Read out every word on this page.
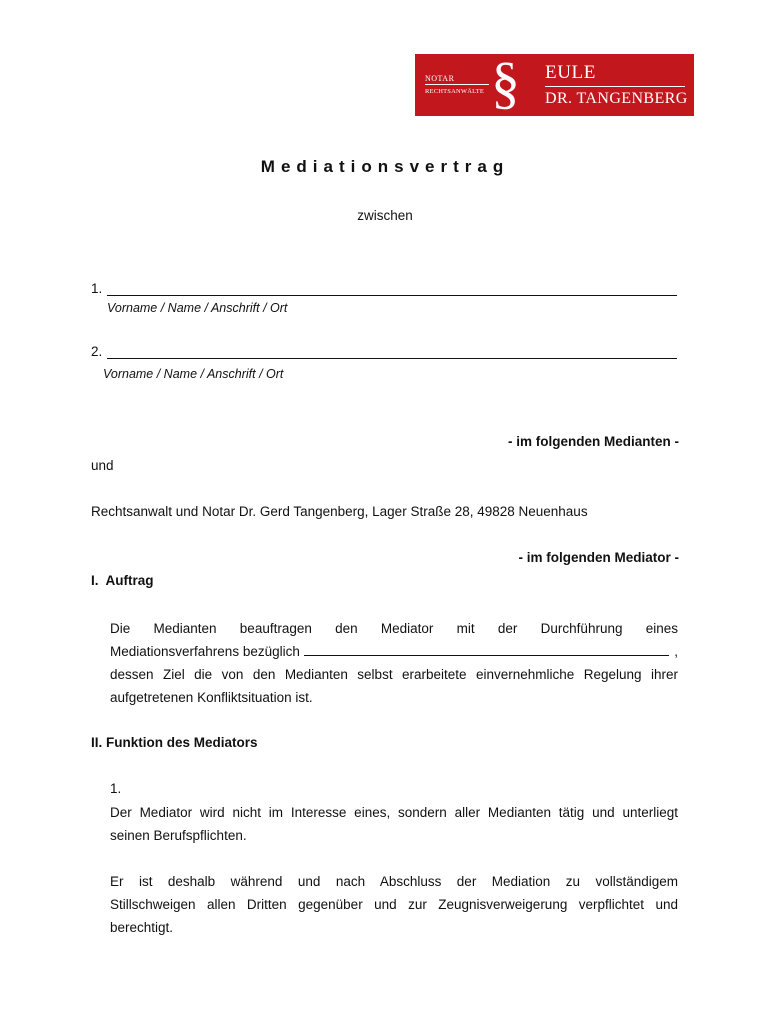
NOTAR
RECHTSANWÄLTE § EULE
DR. TANGENBERG
Mediationsvertrag
zwischen
1.
Vorname / Name / Anschrift / Ort
2.
Vorname / Name / Anschrift / Ort
- im folgenden Medianten -
und
Rechtsanwalt und Notar Dr. Gerd Tangenberg, Lager Straße 28, 49828 Neuenhaus
- im folgenden Mediator -
I.  Auftrag
Die Medianten beauftragen den Mediator mit der Durchführung eines
Mediationsverfahrens bezüglich	,
dessen Ziel die von den Medianten selbst erarbeitete einvernehmliche Regelung ihrer
aufgetretenen Konfliktsituation ist.
II. Funktion des Mediators
1.
Der Mediator wird nicht im Interesse eines, sondern aller Medianten tätig und unterliegt
seinen Berufspflichten.
Er ist deshalb während und nach Abschluss der Mediation zu vollständigem
Stillschweigen allen Dritten gegenüber und zur Zeugnisverweigerung verpflichtet und
berechtigt.
